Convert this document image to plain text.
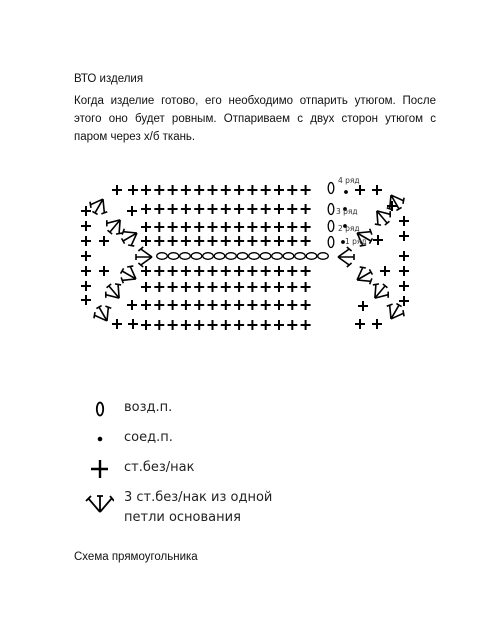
ВТО изделия
Когда изделие готово, его необходимо отпарить утюгом. После этого оно будет ровным. Отпариваем с двух сторон утюгом с паром через х/б ткань.
4 ряд
3 ряд
2 ряд
1 ряд
возд.п.
соед.п.
ст.без/нак
3 ст.без/нак из одной
петли основания
Схема прямоугольника
